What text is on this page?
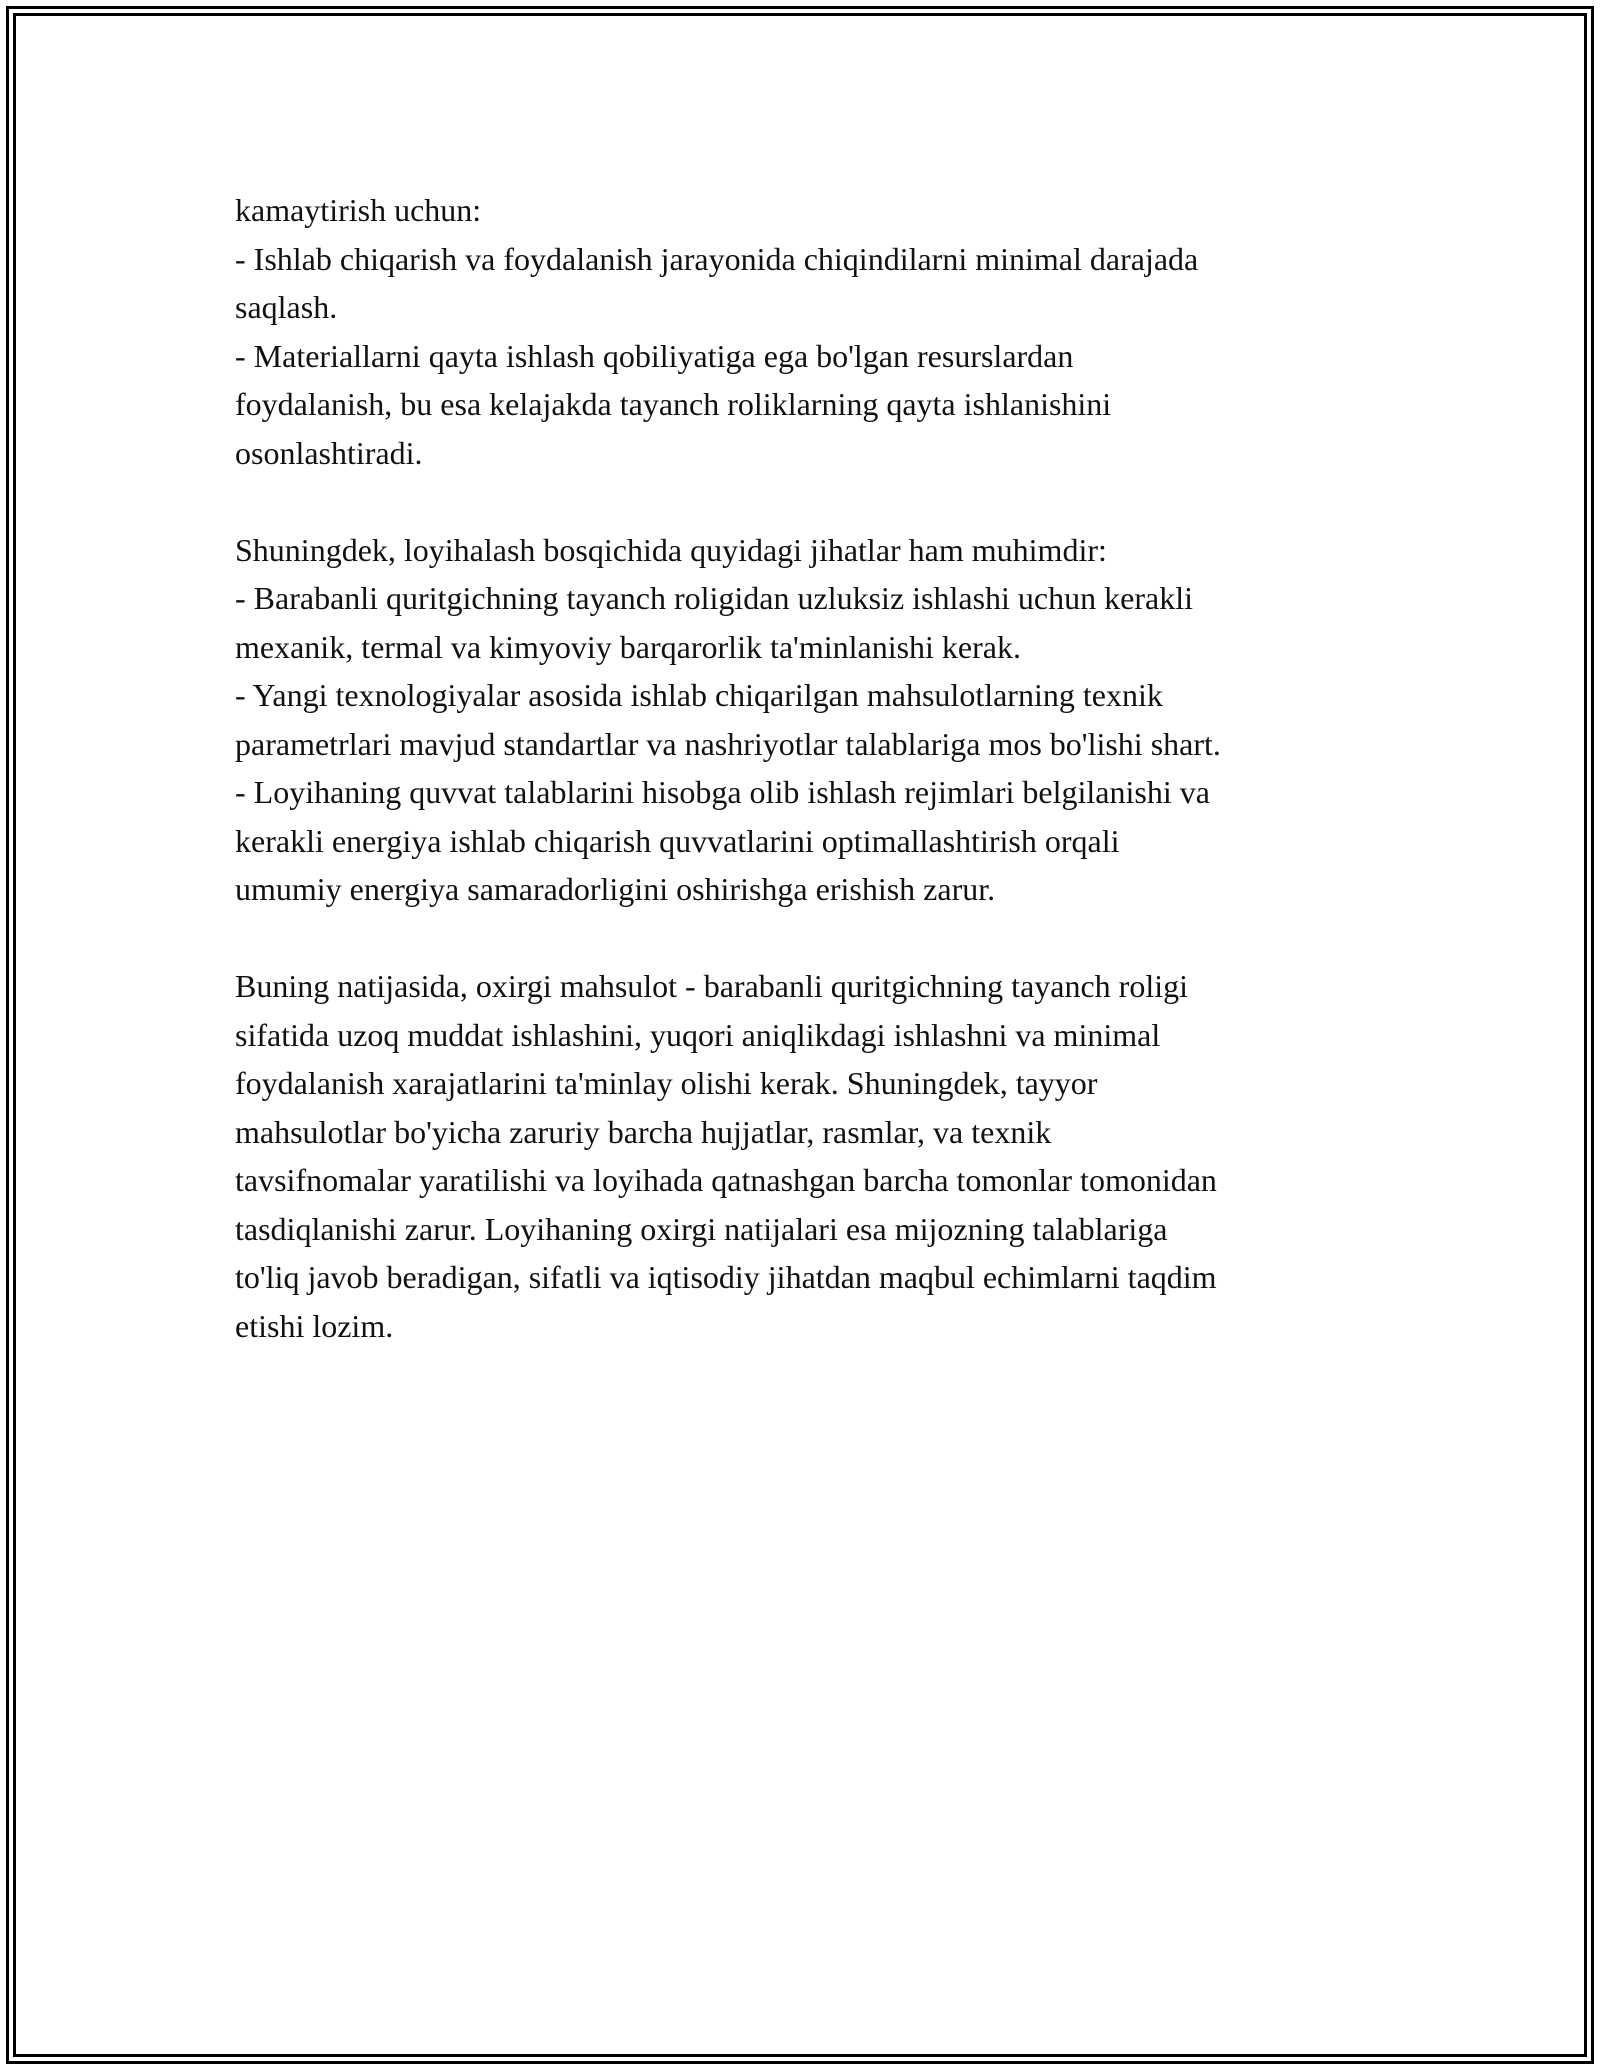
kamaytirish uchun:
- Ishlab chiqarish va foydalanish jarayonida chiqindilarni minimal darajada
saqlash.
- Materiallarni qayta ishlash qobiliyatiga ega bo'lgan resurslardan
foydalanish, bu esa kelajakda tayanch roliklarning qayta ishlanishini
osonlashtiradi.
Shuningdek, loyihalash bosqichida quyidagi jihatlar ham muhimdir:
- Barabanli quritgichning tayanch roligidan uzluksiz ishlashi uchun kerakli
mexanik, termal va kimyoviy barqarorlik ta'minlanishi kerak.
- Yangi texnologiyalar asosida ishlab chiqarilgan mahsulotlarning texnik
parametrlari mavjud standartlar va nashriyotlar talablariga mos bo'lishi shart.
- Loyihaning quvvat talablarini hisobga olib ishlash rejimlari belgilanishi va
kerakli energiya ishlab chiqarish quvvatlarini optimallashtirish orqali
umumiy energiya samaradorligini oshirishga erishish zarur.
Buning natijasida, oxirgi mahsulot - barabanli quritgichning tayanch roligi
sifatida uzoq muddat ishlashini, yuqori aniqlikdagi ishlashni va minimal
foydalanish xarajatlarini ta'minlay olishi kerak. Shuningdek, tayyor
mahsulotlar bo'yicha zaruriy barcha hujjatlar, rasmlar, va texnik
tavsifnomalar yaratilishi va loyihada qatnashgan barcha tomonlar tomonidan
tasdiqlanishi zarur. Loyihaning oxirgi natijalari esa mijozning talablariga
to'liq javob beradigan, sifatli va iqtisodiy jihatdan maqbul echimlarni taqdim
etishi lozim.
